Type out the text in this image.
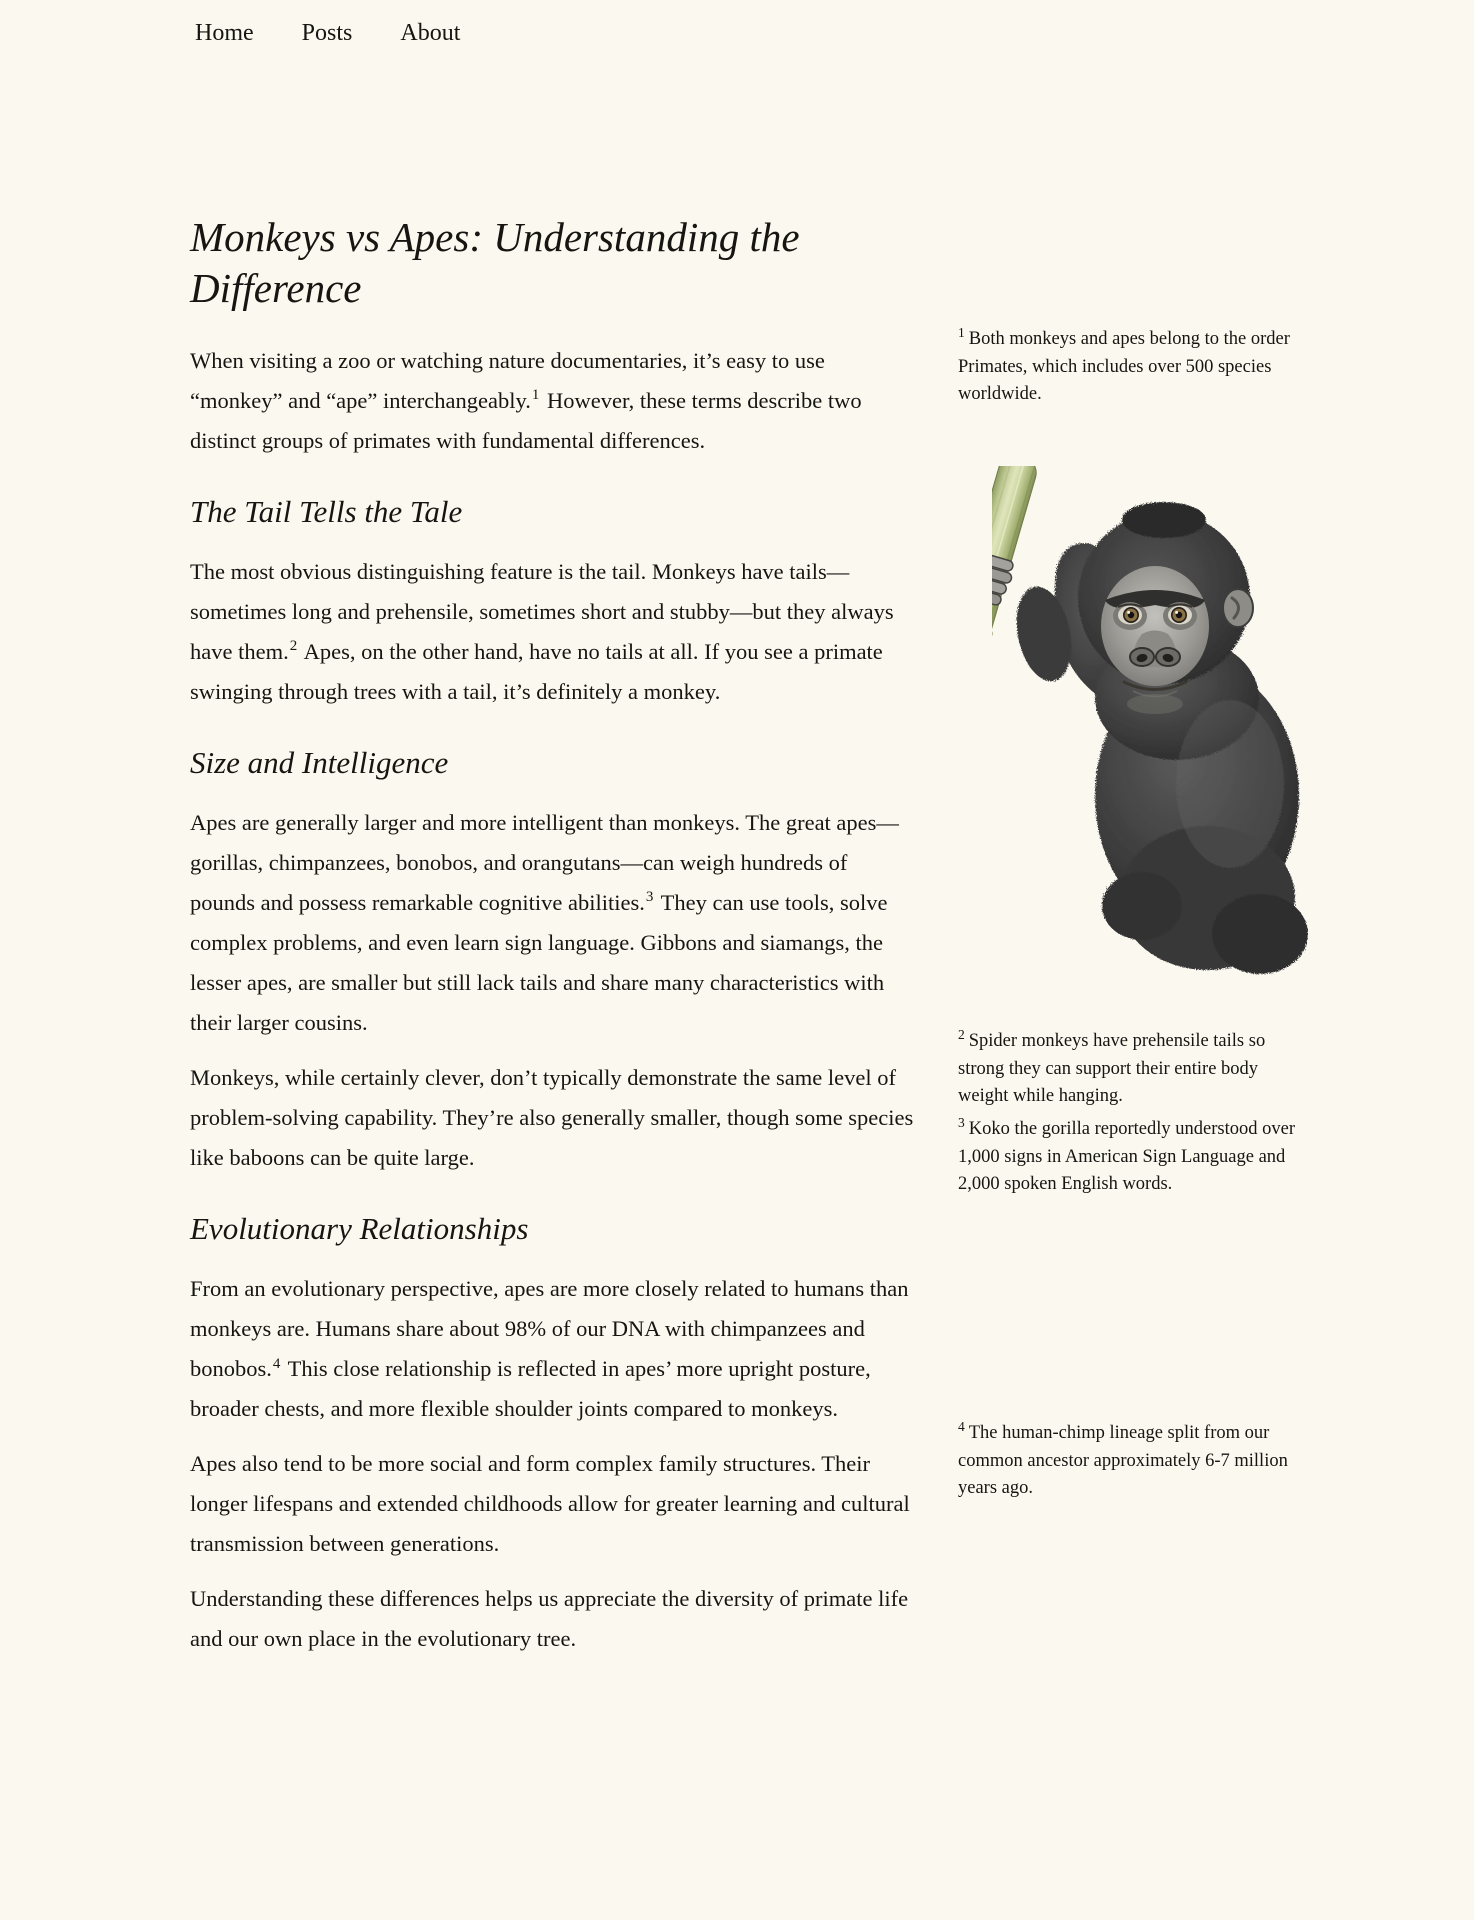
Home Posts About
Monkeys vs Apes: Understanding the Difference

When visiting a zoo or watching nature documentaries, it’s easy to use “monkey” and “ape” interchangeably.$^1$ However, these terms describe two distinct groups of primates with fundamental differences.

The Tail Tells the Tale

The most obvious distinguishing feature is the tail. Monkeys have tails—sometimes long and prehensile, sometimes short and stubby—but they always have them.$^2$ Apes, on the other hand, have no tails at all. If you see a primate swinging through trees with a tail, it’s definitely a monkey.

Size and Intelligence

Apes are generally larger and more intelligent than monkeys. The great apes—gorillas, chimpanzees, bonobos, and orangutans—can weigh hundreds of pounds and possess remarkable cognitive abilities.$^3$ They can use tools, solve complex problems, and even learn sign language. Gibbons and siamangs, the lesser apes, are smaller but still lack tails and share many characteristics with their larger cousins.

Monkeys, while certainly clever, don’t typically demonstrate the same level of problem-solving capability. They’re also generally smaller, though some species like baboons can be quite large.

Evolutionary Relationships

From an evolutionary perspective, apes are more closely related to humans than monkeys are. Humans share about 98% of our DNA with chimpanzees and bonobos.$^4$ This close relationship is reflected in apes’ more upright posture, broader chests, and more flexible shoulder joints compared to monkeys.

Apes also tend to be more social and form complex family structures. Their longer lifespans and extended childhoods allow for greater learning and cultural transmission between generations.

Understanding these differences helps us appreciate the diversity of primate life and our own place in the evolutionary tree.

$^1$ Both monkeys and apes belong to the order Primates, which includes over 500 species worldwide.
$^2$ Spider monkeys have prehensile tails so strong they can support their entire body weight while hanging.
$^3$ Koko the gorilla reportedly understood over 1,000 signs in American Sign Language and 2,000 spoken English words.
$^4$ The human-chimp lineage split from our common ancestor approximately 6-7 million years ago.
